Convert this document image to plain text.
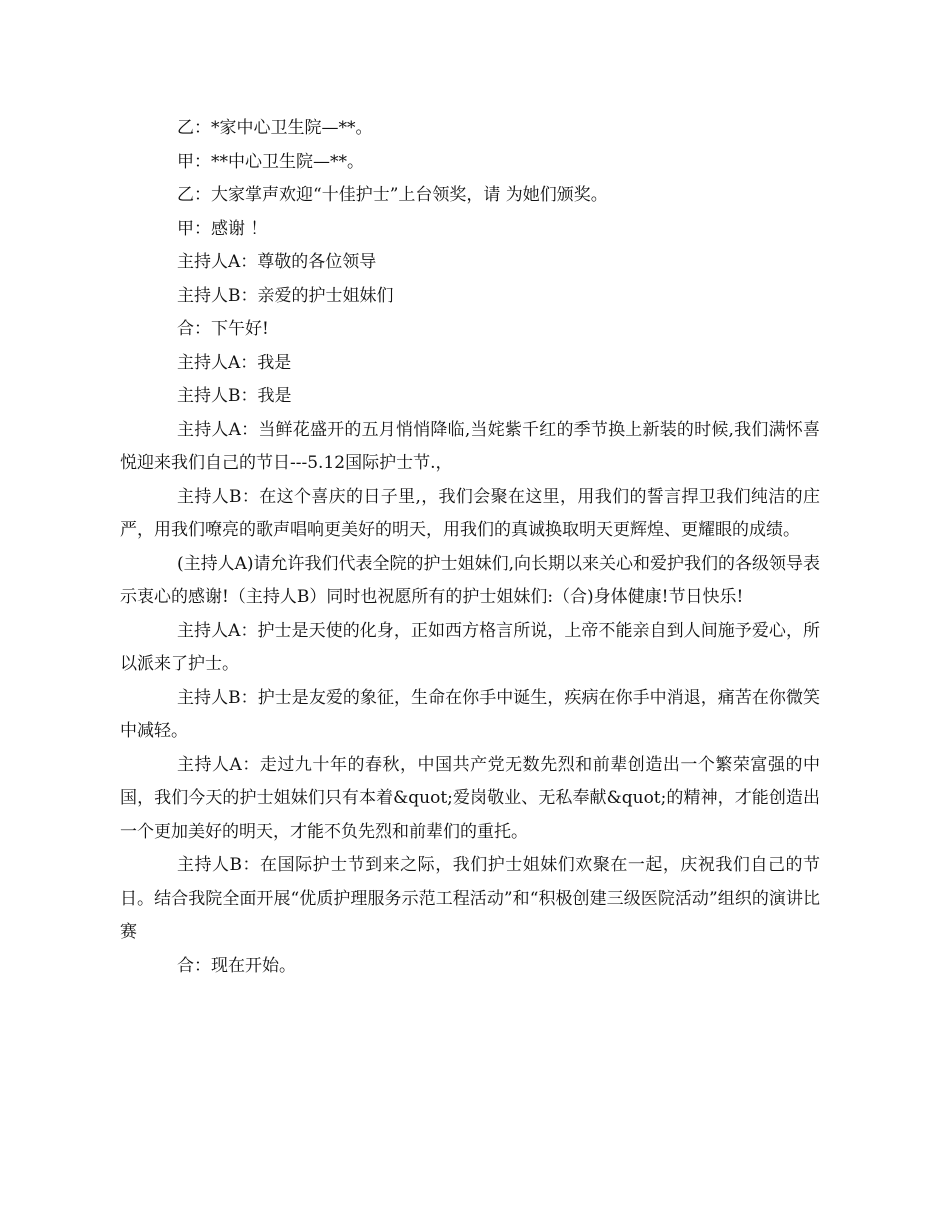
乙：*家中心卫生院—**。

甲：**中心卫生院—**。

乙：大家掌声欢迎“十佳护士”上台领奖，请 为她们颁奖。

甲：感谢 ！

主持人A：尊敬的各位领导

主持人B：亲爱的护士姐妹们

合：下午好!

主持人A：我是

主持人B：我是

主持人A：当鲜花盛开的五月悄悄降临,当姹紫千红的季节换上新装的时候,我们满怀喜悦迎来我们自己的节日---5.12国际护士节.，

主持人B：在这个喜庆的日子里,，我们会聚在这里，用我们的誓言捍卫我们纯洁的庄严，用我们嘹亮的歌声唱响更美好的明天，用我们的真诚换取明天更辉煌、更耀眼的成绩。

(主持人A)请允许我们代表全院的护士姐妹们,向长期以来关心和爱护我们的各级领导表示衷心的感谢!（主持人B）同时也祝愿所有的护士姐妹们:（合)身体健康!节日快乐!

主持人A：护士是天使的化身，正如西方格言所说，上帝不能亲自到人间施予爱心，所以派来了护士。

主持人B：护士是友爱的象征，生命在你手中诞生，疾病在你手中消退，痛苦在你微笑中减轻。

主持人A：走过九十年的春秋，中国共产党无数先烈和前辈创造出一个繁荣富强的中国，我们今天的护士姐妹们只有本着&quot;爱岗敬业、无私奉献&quot;的精神，才能创造出一个更加美好的明天，才能不负先烈和前辈们的重托。

主持人B：在国际护士节到来之际，我们护士姐妹们欢聚在一起，庆祝我们自己的节日。结合我院全面开展“优质护理服务示范工程活动”和“积极创建三级医院活动”组织的演讲比赛

合：现在开始。
